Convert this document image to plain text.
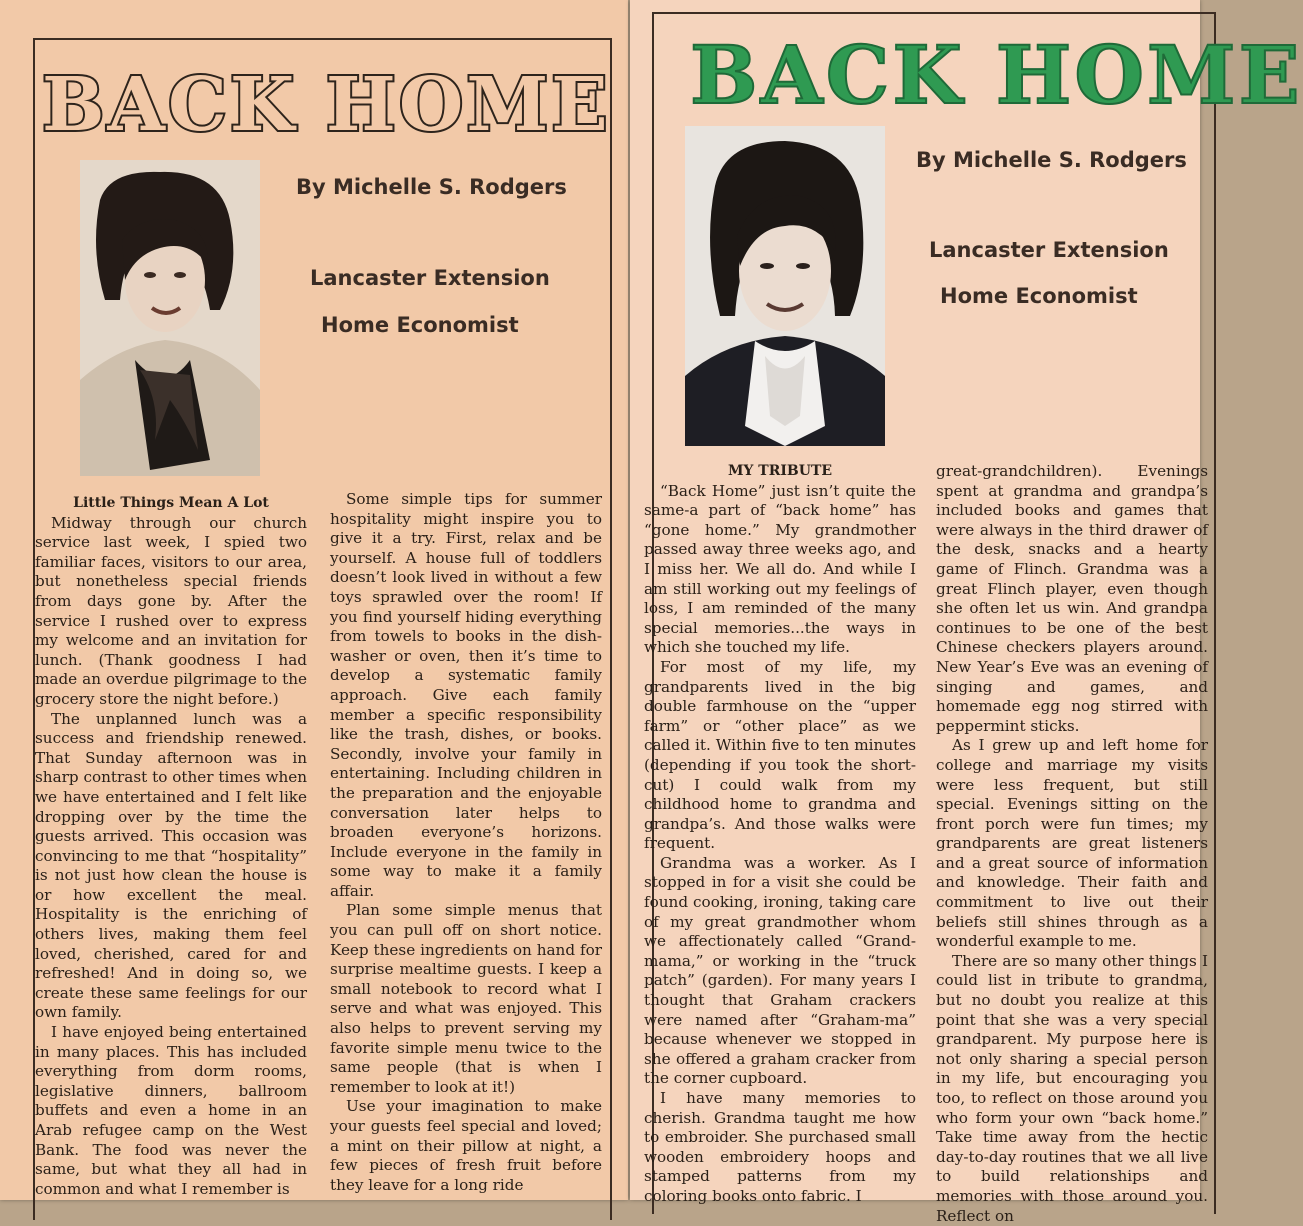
BACK HOME
By Michelle S. Rodgers
Lancaster Extension
Home Economist
Little Things Mean A Lot

Midway through our church service last week, I spied two familiar faces, visitors to our area, but nonetheless special friends from days gone by. After the service I rushed over to express my welcome and an invitation for lunch. (Thank goodness I had made an overdue pilgrimage to the grocery store the night before.)

The unplanned lunch was a success and friendship renewed. That Sunday afternoon was in sharp contrast to other times when we have entertained and I felt like dropping over by the time the guests arrived. This occasion was convincing to me that “hospitality” is not just how clean the house is or how excellent the meal. Hospitality is the enriching of others lives, making them feel loved, cherished, cared for and refreshed! And in doing so, we create these same feelings for our own family.

I have enjoyed being entertained in many places. This has included everything from dorm rooms, legislative dinners, ballroom buffets and even a home in an Arab refugee camp on the West Bank. The food was never the same, but what they all had in common and what I remember is

Some simple tips for summer hospitality might inspire you to give it a try. First, relax and be yourself. A house full of toddlers doesn’t look lived in without a few toys sprawled over the room! If you find yourself hiding everything from towels to books in the dish-washer or oven, then it’s time to develop a systematic family approach. Give each family member a specific responsibility like the trash, dishes, or books. Secondly, involve your family in entertaining. Including children in the preparation and the enjoyable conversation later helps to broaden everyone’s horizons. Include everyone in the family in some way to make it a family affair.

Plan some simple menus that you can pull off on short notice. Keep these ingredients on hand for surprise mealtime guests. I keep a small notebook to record what I serve and what was enjoyed. This also helps to prevent serving my favorite simple menu twice to the same people (that is when I remember to look at it!)

Use your imagination to make your guests feel special and loved; a mint on their pillow at night, a few pieces of fresh fruit before they leave for a long ride

BACK HOME
By Michelle S. Rodgers
Lancaster Extension
Home Economist
MY TRIBUTE

“Back Home” just isn’t quite the same-a part of “back home” has “gone home.” My grandmother passed away three weeks ago, and I miss her. We all do. And while I am still working out my feelings of loss, I am reminded of the many special memories...the ways in which she touched my life.

For most of my life, my grandparents lived in the big double farmhouse on the “upper farm” or “other place” as we called it. Within five to ten minutes (depending if you took the short-cut) I could walk from my childhood home to grandma and grandpa’s. And those walks were frequent.

Grandma was a worker. As I stopped in for a visit she could be found cooking, ironing, taking care of my great grandmother whom we affectionately called “Grand-mama,” or working in the “truck patch” (garden). For many years I thought that Graham crackers were named after “Graham-ma” because whenever we stopped in she offered a graham cracker from the corner cupboard.

I have many memories to cherish. Grandma taught me how to embroider. She purchased small wooden embroidery hoops and stamped patterns from my coloring books onto fabric. I

great-grandchildren). Evenings spent at grandma and grandpa’s included books and games that were always in the third drawer of the desk, snacks and a hearty game of Flinch. Grandma was a great Flinch player, even though she often let us win. And grandpa continues to be one of the best Chinese checkers players around. New Year’s Eve was an evening of singing and games, and homemade egg nog stirred with peppermint sticks.

As I grew up and left home for college and marriage my visits were less frequent, but still special. Evenings sitting on the front porch were fun times; my grandparents are great listeners and a great source of information and knowledge. Their faith and commitment to live out their beliefs still shines through as a wonderful example to me.

There are so many other things I could list in tribute to grandma, but no doubt you realize at this point that she was a very special grandparent. My purpose here is not only sharing a special person in my life, but encouraging you too, to reflect on those around you who form your own “back home.” Take time away from the hectic day-to-day routines that we all live to build relationships and memories with those around you. Reflect on
